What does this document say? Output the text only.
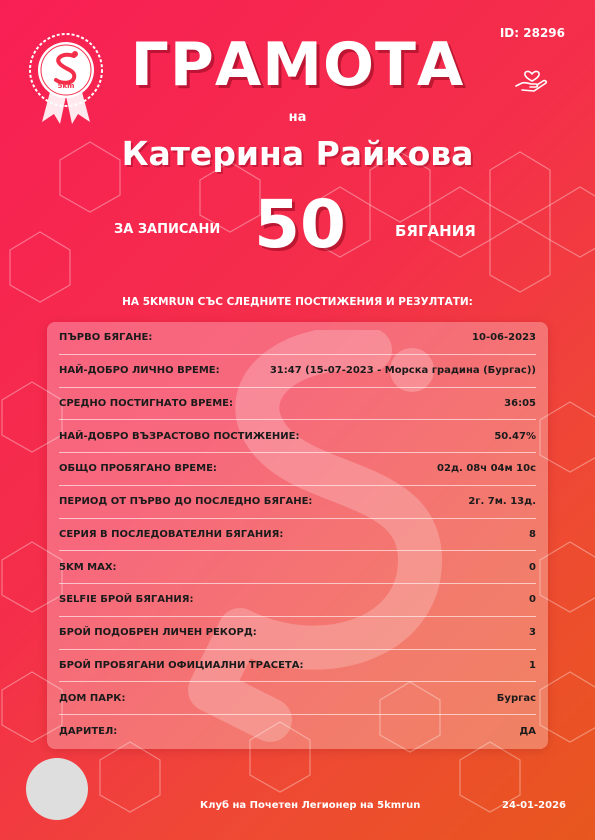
5km
ПОЧЕТЕН ЛЕГИОНЕР
ID: 28296
ГРАМОТА
на
Катерина Райкова
ЗА ЗАПИСАНИ 50	БЯГАНИЯ
НА 5KMRUN СЪС СЛЕДНИТЕ ПОСТИЖЕНИЯ И РЕЗУЛТАТИ:
ПЪРВО БЯГАНЕ:	10-06-2023
НАЙ-ДОБРО ЛИЧНО ВРЕМЕ:	31:47 (15-07-2023 - Морска градина (Бургас))
СРЕДНО ПОСТИГНАТО ВРЕМЕ:	36:05
НАЙ-ДОБРО ВЪЗРАСТОВО ПОСТИЖЕНИЕ:	50.47%
ОБЩО ПРОБЯГАНО ВРЕМЕ:	02д. 08ч 04м 10с
ПЕРИОД ОТ ПЪРВО ДО ПОСЛЕДНО БЯГАНЕ:	2г. 7м. 13д.
СЕРИЯ В ПОСЛЕДОВАТЕЛНИ БЯГАНИЯ:	8
5KM MAX:	0
SELFIE БРОЙ БЯГАНИЯ:	0
БРОЙ ПОДОБРЕН ЛИЧЕН РЕКОРД:	3
БРОЙ ПРОБЯГАНИ ОФИЦИАЛНИ ТРАСЕТА:	1
ДОМ ПАРК:	Бургас
ДАРИТЕЛ:	ДА
Клуб на Почетен Легионер на 5kmrun	24-01-2026
